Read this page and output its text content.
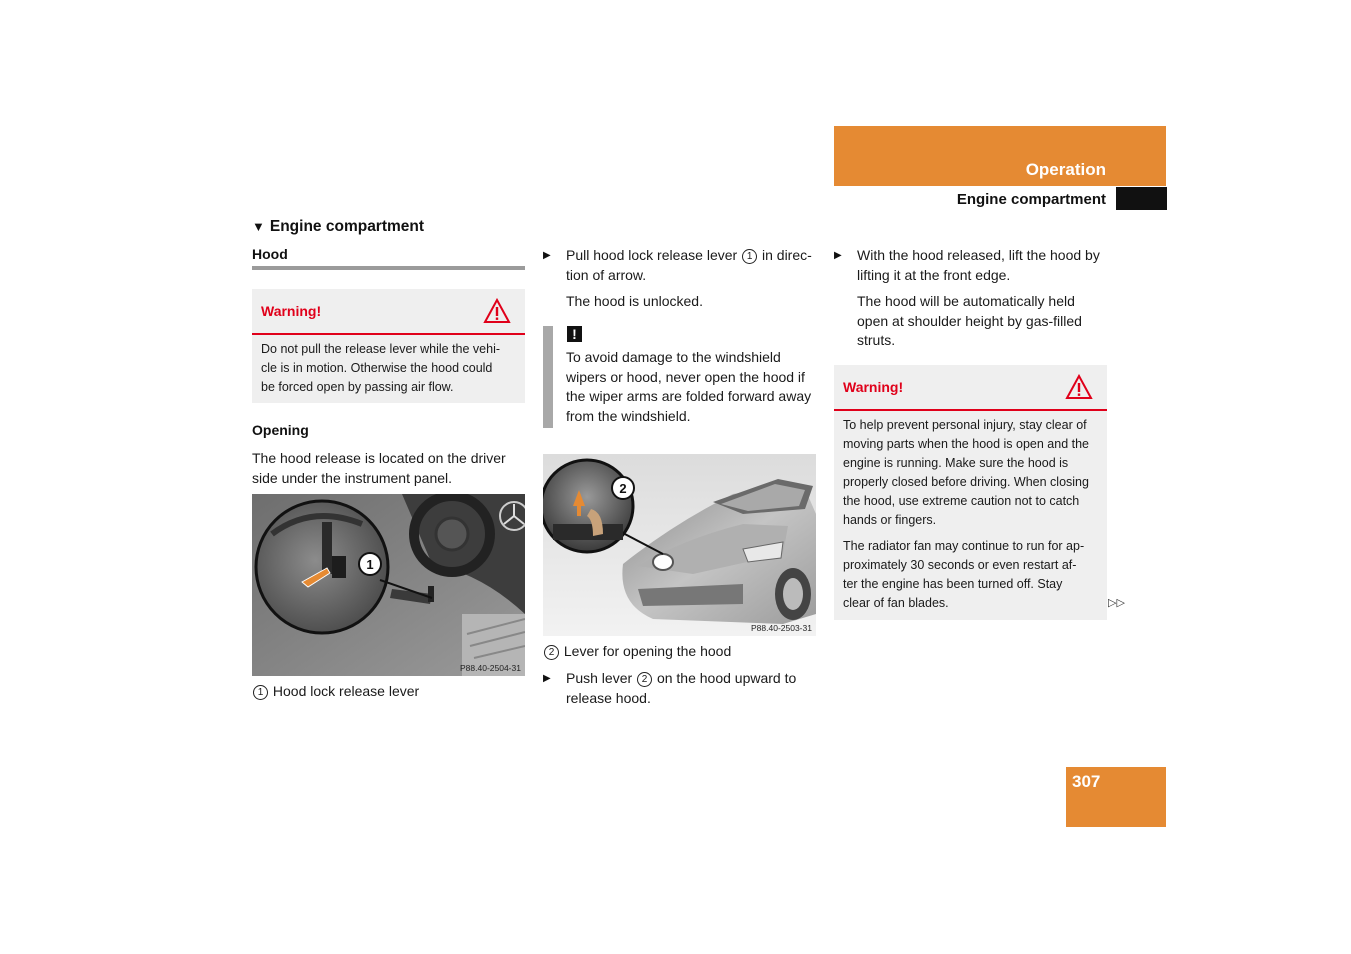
Operation
Engine compartment
▼ Engine compartment
Hood
Warning!
Do not pull the release lever while the vehi-
cle is in motion. Otherwise the hood could
be forced open by passing air flow.
Opening
The hood release is located on the driver
side under the instrument panel.
1
P88.40-2504-31
1 Hood lock release lever
▶ Pull hood lock release lever 1 in direc-
tion of arrow.
The hood is unlocked.
!
To avoid damage to the windshield
wipers or hood, never open the hood if
the wiper arms are folded forward away
from the windshield.
2
P88.40-2503-31
2 Lever for opening the hood
▶ Push lever 2 on the hood upward to
release hood.
▶ With the hood released, lift the hood by
lifting it at the front edge.
The hood will be automatically held
open at shoulder height by gas-filled
struts.
Warning!
To help prevent personal injury, stay clear of
moving parts when the hood is open and the
engine is running. Make sure the hood is
properly closed before driving. When closing
the hood, use extreme caution not to catch
hands or fingers.
The radiator fan may continue to run for ap-
proximately 30 seconds or even restart af-
ter the engine has been turned off. Stay
clear of fan blades.	▷▷
307
